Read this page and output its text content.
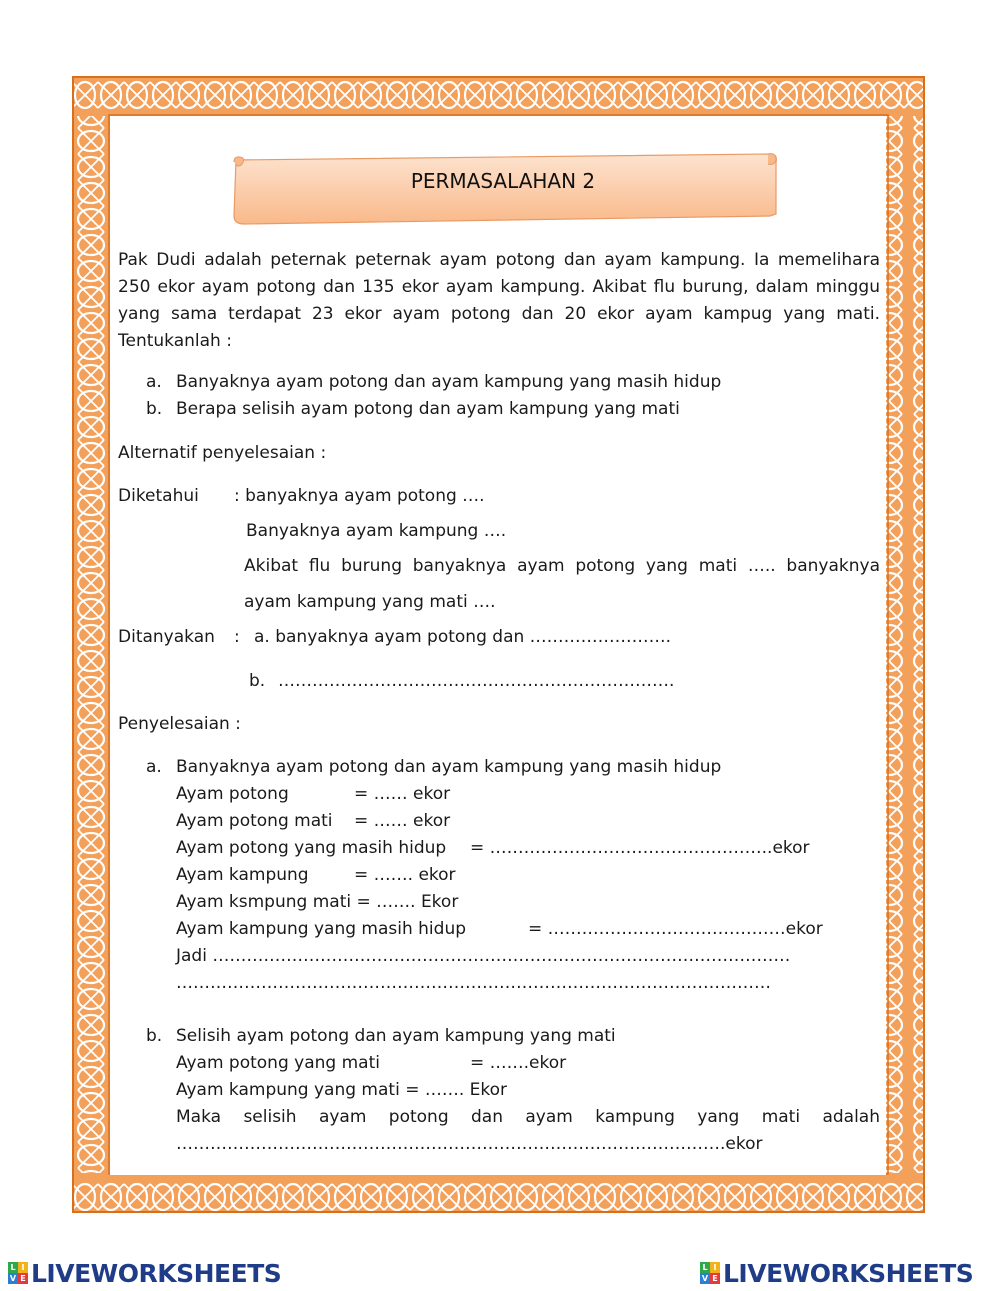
PERMASALAHAN 2
Pak Dudi adalah peternak peternak ayam potong dan ayam kampung. Ia memelihara 250 ekor ayam potong dan 135 ekor ayam kampung. Akibat flu burung, dalam minggu yang sama terdapat 23 ekor ayam potong dan 20 ekor ayam kampug yang mati. Tentukanlah :
a. Banyaknya ayam potong dan ayam kampung yang masih hidup
b. Berapa selisih ayam potong dan ayam kampung yang mati
Alternatif penyelesaian :
Diketahui : banyaknya ayam potong ….
Banyaknya ayam kampung ….
Akibat flu burung banyaknya ayam potong yang mati ….. banyaknya
ayam kampung yang mati ….
Ditanyakan : a. banyaknya ayam potong dan …………………….
b. …………………………………………………………….
Penyelesaian :
a. Banyaknya ayam potong dan ayam kampung yang masih hidup
Ayam potong	= …… ekor
Ayam potong mati = …… ekor
Ayam potong yang masih hidup = …………………………………………..ekor
Ayam kampung	= ……. ekor
Ayam ksmpung mati = ……. Ekor
Ayam kampung yang masih hidup	= ……………………………………ekor
Jadi …………………………………………………………………………………………
……………………………………………………………………………………………
b. Selisih ayam potong dan ayam kampung yang mati
Ayam potong yang mati	= …….ekor
Ayam kampung yang mati = ……. Ekor
Maka selisih ayam potong dan ayam kampung yang mati adalah
…………………………………………………………………………………….ekor
L I
V E LIVEWORKSHEETS	L I
V E LIVEWORKSHEETS
